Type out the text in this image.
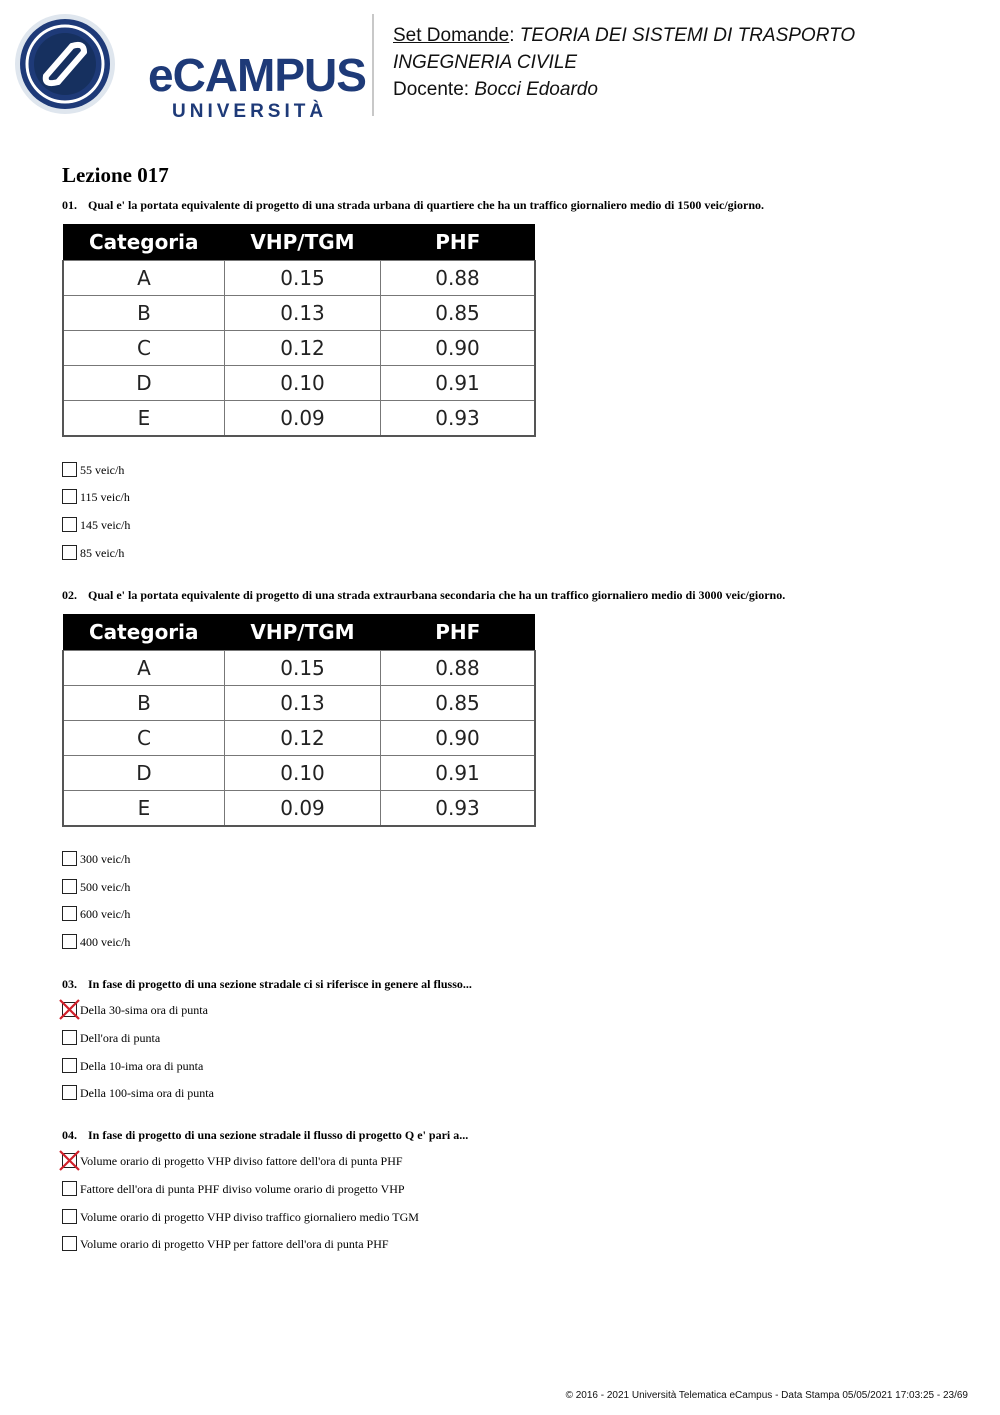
eCAMPUS
UNIVERSITÀ
Set Domande: TEORIA DEI SISTEMI DI TRASPORTO
INGEGNERIA CIVILE
Docente: Bocci Edoardo
Lezione 017
01. Qual e' la portata equivalente di progetto di una strada urbana di quartiere che ha un traffico giornaliero medio di 1500 veic/giorno.
Categoria	VHP/TGM	PHF
A	0.15	0.88
B	0.13	0.85
C	0.12	0.90
D	0.10	0.91
E	0.09	0.93
55 veic/h
115 veic/h
145 veic/h
85 veic/h
02. Qual e' la portata equivalente di progetto di una strada extraurbana secondaria che ha un traffico giornaliero medio di 3000 veic/giorno.
Categoria	VHP/TGM	PHF
A	0.15	0.88
B	0.13	0.85
C	0.12	0.90
D	0.10	0.91
E	0.09	0.93
300 veic/h
500 veic/h
600 veic/h
400 veic/h
03. In fase di progetto di una sezione stradale ci si riferisce in genere al flusso...
Della 30-sima ora di punta
Dell'ora di punta
Della 10-ima ora di punta
Della 100-sima ora di punta
04. In fase di progetto di una sezione stradale il flusso di progetto Q e' pari a...
Volume orario di progetto VHP diviso fattore dell'ora di punta PHF
Fattore dell'ora di punta PHF diviso volume orario di progetto VHP
Volume orario di progetto VHP diviso traffico giornaliero medio TGM
Volume orario di progetto VHP per fattore dell'ora di punta PHF
© 2016 - 2021 Università Telematica eCampus - Data Stampa 05/05/2021 17:03:25 - 23/69
